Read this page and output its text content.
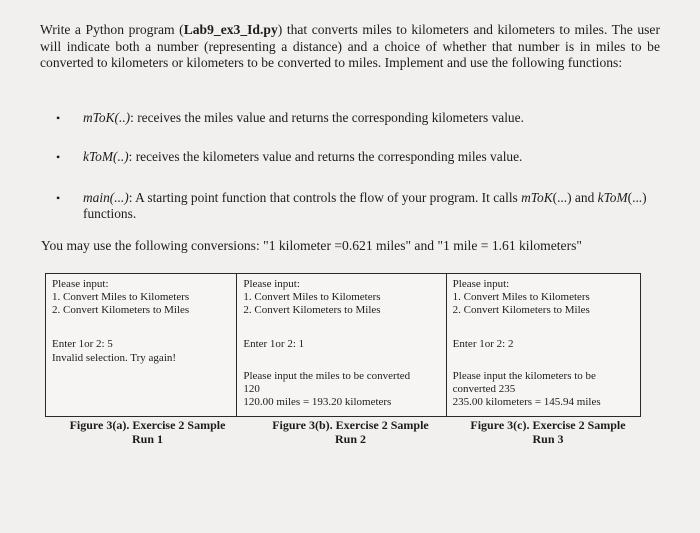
Write a Python program (Lab9_ex3_Id.py) that converts miles to kilometers and kilometers to miles. The user will indicate both a number (representing a distance) and a choice of whether that number is in miles to be converted to kilometers or kilometers to be converted to miles. Implement and use the following functions:
•	mToK(..): receives the miles value and returns the corresponding kilometers value.
•	kToM(..): receives the kilometers value and returns the corresponding miles value.
•	main(...): A starting point function that controls the flow of your program. It calls mToK(...) and kToM(...) functions.
You may use the following conversions: "1 kilometer =0.621 miles" and "1 mile = 1.61 kilometers"
Please input:
1. Convert Miles to Kilometers
2. Convert Kilometers to Miles
Enter 1or 2: 5
Invalid selection. Try again!
Please input:
1. Convert Miles to Kilometers
2. Convert Kilometers to Miles
Enter 1or 2: 1
Please input the miles to be converted
120
120.00 miles = 193.20 kilometers
Please input:
1. Convert Miles to Kilometers
2. Convert Kilometers to Miles
Enter 1or 2: 2
Please input the kilometers to be
converted 235
235.00 kilometers = 145.94 miles
Figure 3(a). Exercise 2 Sample
Run 1
Figure 3(b). Exercise 2 Sample
Run 2
Figure 3(c). Exercise 2 Sample
Run 3
